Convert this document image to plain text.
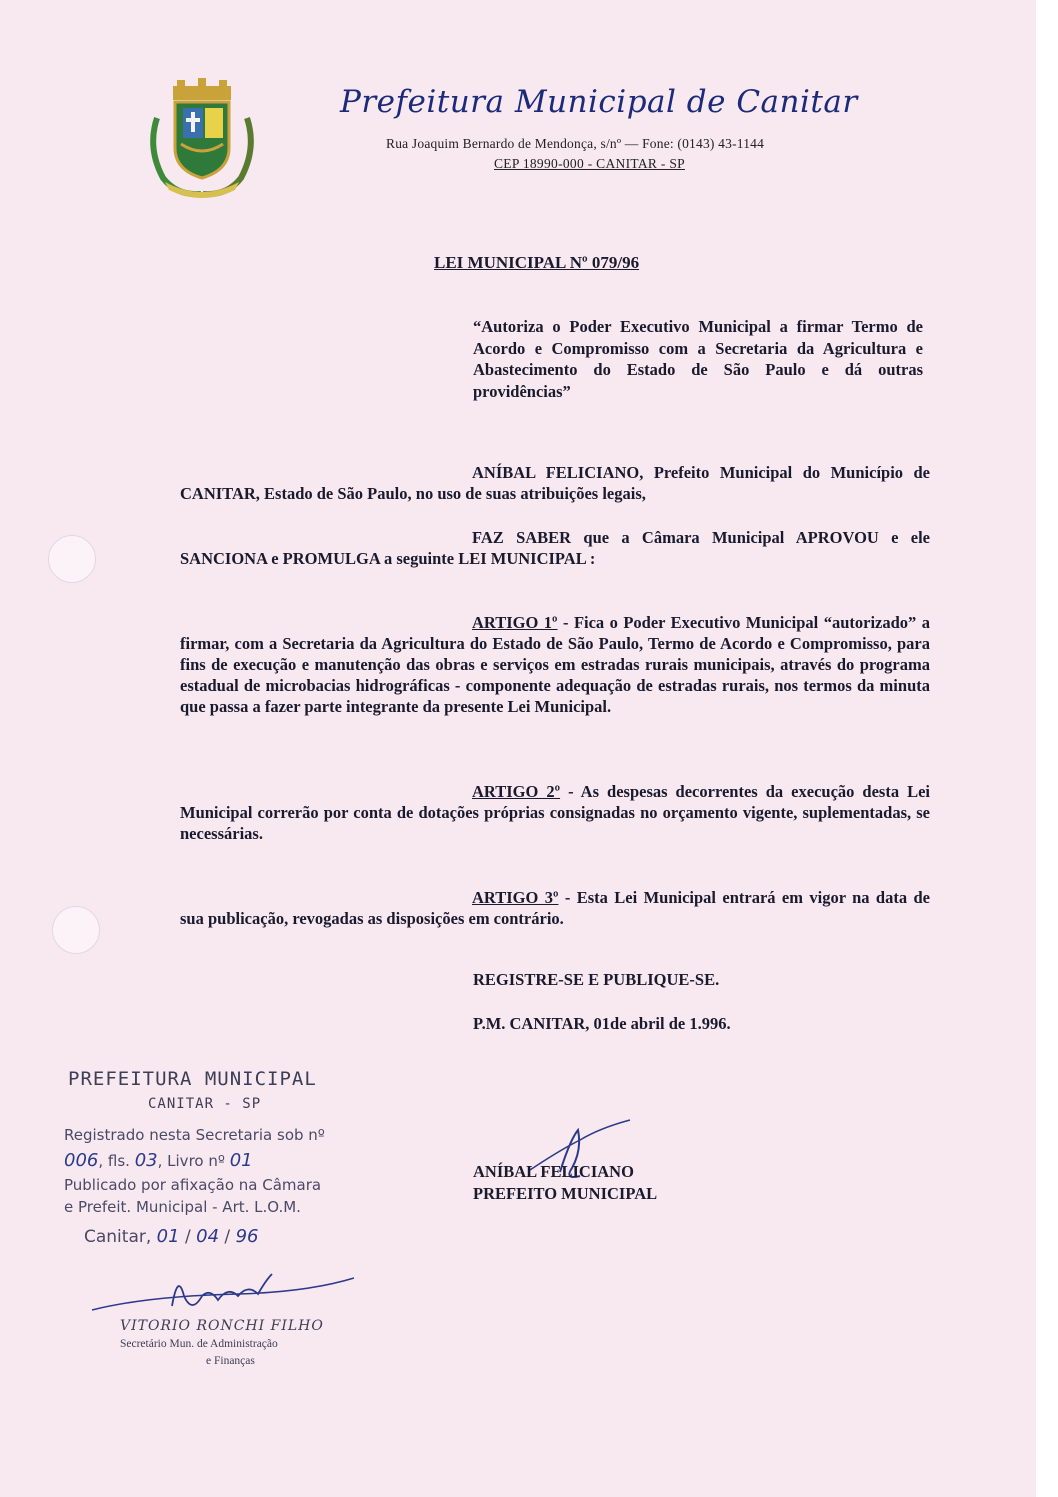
Prefeitura Municipal de Canitar
Rua Joaquim Bernardo de Mendonça, s/nº — Fone: (0143) 43-1144
CEP 18990-000 - CANITAR - SP
LEI MUNICIPAL Nº 079/96
“Autoriza o Poder Executivo Municipal a firmar Termo de Acordo e Compromisso com a Secretaria da Agricultura e Abastecimento do Estado de São Paulo e dá outras providências”
ANÍBAL FELICIANO, Prefeito Municipal do Município de CANITAR, Estado de São Paulo, no uso de suas atribuições legais,
FAZ SABER que a Câmara Municipal APROVOU e ele SANCIONA e PROMULGA a seguinte LEI MUNICIPAL :
ARTIGO 1º - Fica o Poder Executivo Municipal “autorizado” a firmar, com a Secretaria da Agricultura do Estado de São Paulo, Termo de Acordo e Compromisso, para fins de execução e manutenção das obras e serviços em estradas rurais municipais, através do programa estadual de microbacias hidrográficas - componente adequação de estradas rurais, nos termos da minuta que passa a fazer parte integrante da presente Lei Municipal.
ARTIGO 2º - As despesas decorrentes da execução desta Lei Municipal correrão por conta de dotações próprias consignadas no orçamento vigente, suplementadas, se necessárias.
ARTIGO 3º - Esta Lei Municipal entrará em vigor na data de sua publicação, revogadas as disposições em contrário.
REGISTRE-SE E PUBLIQUE-SE.
P.M. CANITAR, 01de abril de 1.996.
ANÍBAL FELICIANO
PREFEITO MUNICIPAL
PREFEITURA MUNICIPAL
CANITAR - SP
Registrado nesta Secretaria sob nº
006, fls. 03, Livro nº 01
Publicado por afixação na Câmara
e Prefeit. Municipal - Art. L.O.M.
Canitar, 01 / 04 / 96
VITORIO RONCHI FILHO
Secretário Mun. de Administração
e Finanças
